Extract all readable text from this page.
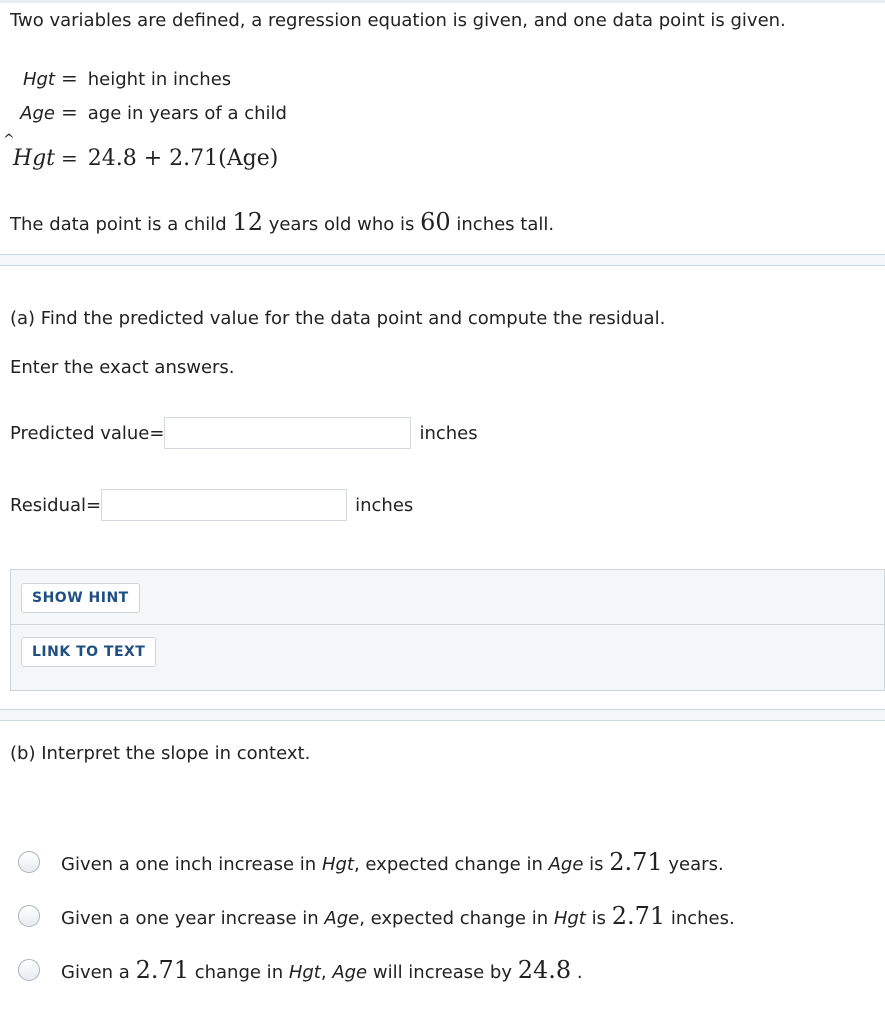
Two variables are defined, a regression equation is given, and one data point is given.
Hgt = height in inches
Age = age in years of a child
^
Hgt = 24.8 + 2.71(Age)
The data point is a child 12 years old who is 60 inches tall.
(a) Find the predicted value for the data point and compute the residual.
Enter the exact answers.
Predicted value=	inches
Residual=	inches
SHOW HINT
LINK TO TEXT
(b) Interpret the slope in context.
Given a one inch increase in Hgt, expected change in Age is 2.71 years.
Given a one year increase in Age, expected change in Hgt is 2.71 inches.
Given a 2.71 change in Hgt, Age will increase by 24.8 .
